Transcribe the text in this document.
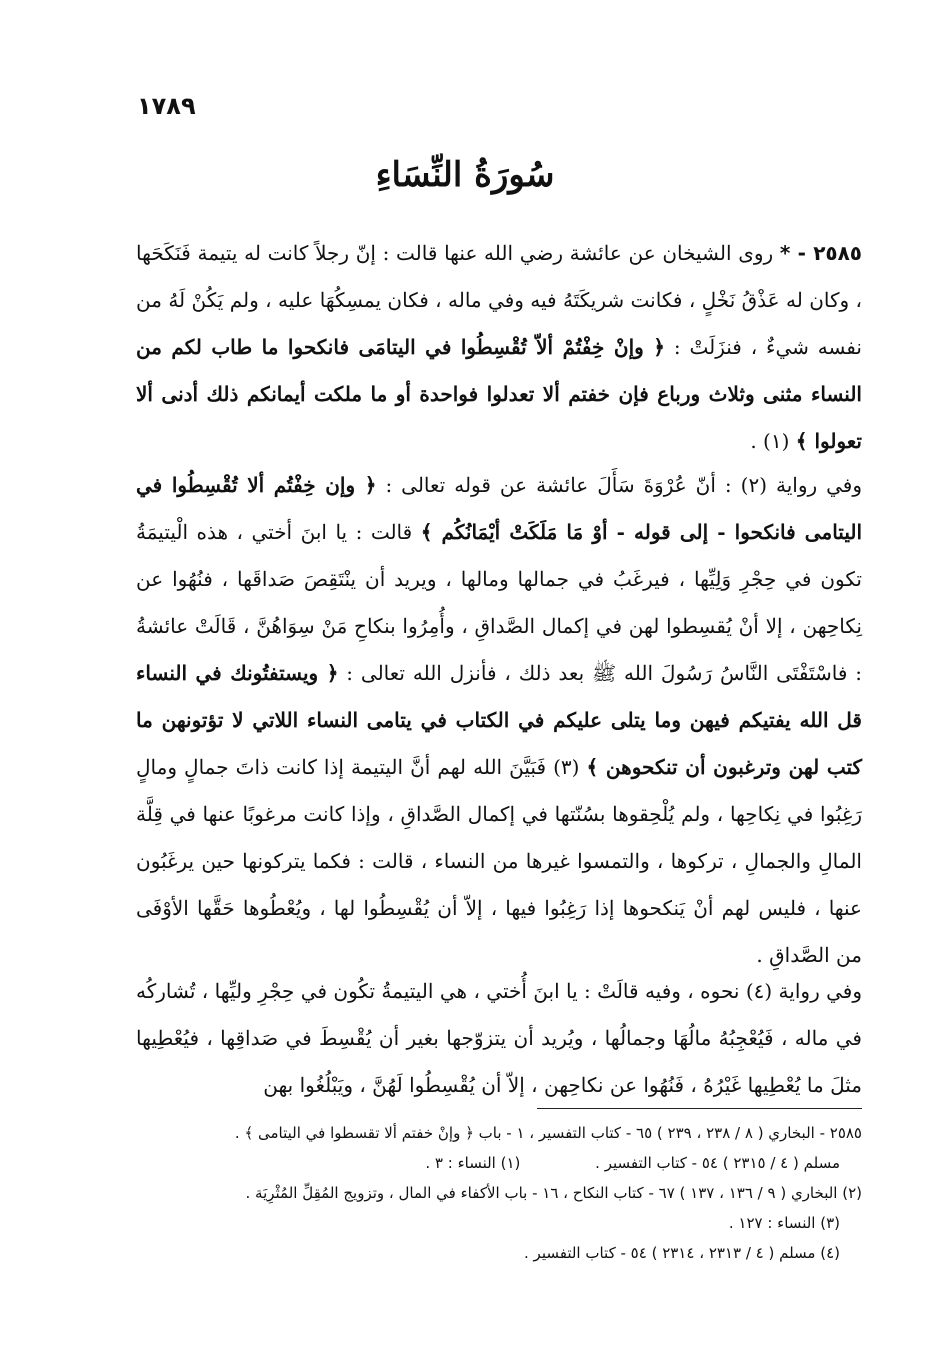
١٧٨٩
سُورَةُ النِّسَاءِ
٢٥٨٥ - * روى الشيخان عن عائشة رضي الله عنها قالت : إنّ رجلاً كانت له يتيمة فَنَكَحَها ، وكان له عَذْقُ نَخْلٍ ، فكانت شريكَتَهُ فيه وفي ماله ، فكان يمسِكُهَا عليه ، ولم يَكُنْ لَهُ من نفسه شيءٌ ، فنزَلَتْ : ﴿ وإنْ خِفْتُمْ ألاّ تُقْسِطُوا في اليتامَى فانكحوا ما طاب لكم من النساء مثنى وثلاث ورباع فإن خفتم ألا تعدلوا فواحدة أو ما ملكت أيمانكم ذلك أدنى ألا تعولوا ﴾ (١) .
وفي رواية (٢) : أنّ عُرْوَةَ سَأَلَ عائشة عن قوله تعالى : ﴿ وإن خِفْتُم ألا تُقْسِطُوا في اليتامى فانكحوا - إلى قوله - أوْ مَا مَلَكَتْ أيْمَانُكُم ﴾ قالت : يا ابنَ أختي ، هذه الْيتيمَةُ تكون في حِجْرِ وَلِيِّها ، فيرغَبُ في جمالها ومالها ، ويريد أن ينْتَقِصَ صَداقَها ، فنُهُوا عن نِكاحِهن ، إلا أنْ يُقسِطوا لهن في إكمال الصَّداقِ ، وأُمِرُوا بنكاحِ مَنْ سِوَاهُنَّ ، قَالَتْ عائشةُ : فاسْتَفْتَى النَّاسُ رَسُولَ الله ﷺ بعد ذلك ، فأنزل الله تعالى : ﴿ ويستفتُونك في النساء قل الله يفتيكم فيهن وما يتلى عليكم في الكتاب في يتامى النساء اللاتي لا تؤتونهن ما كتب لهن وترغبون أن تنكحوهن ﴾ (٣) فَبَيَّنَ الله لهم أنَّ اليتيمة إذا كانت ذاتَ جمالٍ ومالٍ رَغِبُوا في نِكاحِها ، ولم يُلْحِقوها بسُنّتها في إكمال الصَّداقِ ، وإذا كانت مرغوبًا عنها في قِلَّة المالِ والجمالِ ، تركوها ، والتمسوا غيرها من النساء ، قالت : فكما يتركونها حين يرغَبُون عنها ، فليس لهم أنْ يَنكحوها إذا رَغِبُوا فيها ، إلاّ أن يُقْسِطُوا لها ، ويُعْطُوها حَقَّها الأوْفَى من الصَّداقِ .
وفي رواية (٤) نحوه ، وفيه قالَتْ : يا ابنَ أُختي ، هي اليتيمةُ تكُون في حِجْرِ وليِّها ، تُشاركُه في ماله ، فَيُعْجِبُهُ مالُهَا وجمالُها ، ويُريد أن يتزوّجها بغير أن يُقْسِطَ في صَداقِها ، فيُعْطِيها مثلَ ما يُعْطِيها غَيْرُهُ ، فَنُهُوا عن نكاحِهن ، إلاّ أن يُقْسِطُوا لَهُنَّ ، ويَبْلُغُوا بهن
٢٥٨٥ - البخاري ( ٨ / ٢٣٨ ، ٢٣٩ ) ٦٥ - كتاب التفسير ، ١ - باب ﴿ وإنْ خفتم ألا تقسطوا في اليتامى ﴾ .
مسلم ( ٤ / ٢٣١٥ ) ٥٤ - كتاب التفسير . (١) النساء : ٣ .
(٢) البخاري ( ٩ / ١٣٦ ، ١٣٧ ) ٦٧ - كتاب النكاح ، ١٦ - باب الأكفاء في المال ، وتزويج المُقِلِّ المُثْرِيَة .
(٣) النساء : ١٢٧ .
(٤) مسلم ( ٤ / ٢٣١٣ ، ٢٣١٤ ) ٥٤ - كتاب التفسير .
